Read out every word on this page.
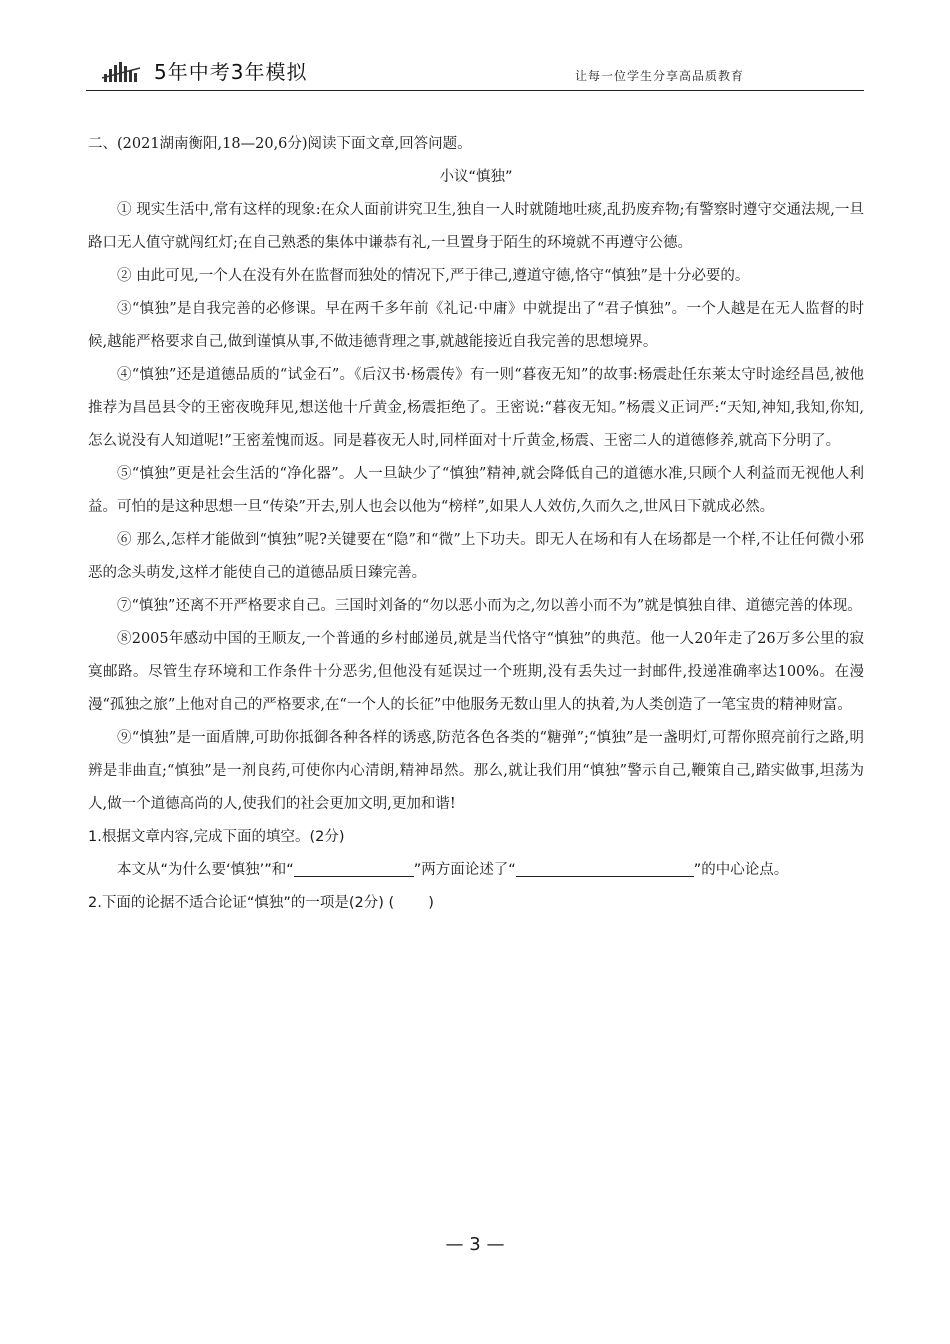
5年中考3年模拟	让每一位学生分享高品质教育
二、(2021湖南衡阳,18—20,6分)阅读下面文章,回答问题。

小议“慎独”

① 现实生活中,常有这样的现象:在众人面前讲究卫生,独自一人时就随地吐痰,乱扔废弃物;有警察时遵守交通法规,一旦路口无人值守就闯红灯;在自己熟悉的集体中谦恭有礼,一旦置身于陌生的环境就不再遵守公德。

② 由此可见,一个人在没有外在监督而独处的情况下,严于律己,遵道守德,恪守“慎独”是十分必要的。

③“慎独”是自我完善的必修课。早在两千多年前《礼记·中庸》中就提出了“君子慎独”。一个人越是在无人监督的时候,越能严格要求自己,做到谨慎从事,不做违德背理之事,就越能接近自我完善的思想境界。

④“慎独”还是道德品质的“试金石”。《后汉书·杨震传》有一则“暮夜无知”的故事:杨震赴任东莱太守时途经昌邑,被他推荐为昌邑县令的王密夜晚拜见,想送他十斤黄金,杨震拒绝了。王密说:“暮夜无知。”杨震义正词严:“天知,神知,我知,你知,怎么说没有人知道呢!”王密羞愧而返。同是暮夜无人时,同样面对十斤黄金,杨震、王密二人的道德修养,就高下分明了。

⑤“慎独”更是社会生活的“净化器”。人一旦缺少了“慎独”精神,就会降低自己的道德水准,只顾个人利益而无视他人利益。可怕的是这种思想一旦“传染”开去,别人也会以他为“榜样”,如果人人效仿,久而久之,世风日下就成必然。

⑥ 那么,怎样才能做到“慎独”呢?关键要在“隐”和“微”上下功夫。即无人在场和有人在场都是一个样,不让任何微小邪恶的念头萌发,这样才能使自己的道德品质日臻完善。

⑦“慎独”还离不开严格要求自己。三国时刘备的“勿以恶小而为之,勿以善小而不为”就是慎独自律、道德完善的体现。

⑧2005年感动中国的王顺友,一个普通的乡村邮递员,就是当代恪守“慎独”的典范。他一人20年走了26万多公里的寂寞邮路。尽管生存环境和工作条件十分恶劣,但他没有延误过一个班期,没有丢失过一封邮件,投递准确率达100%。在漫漫“孤独之旅”上他对自己的严格要求,在“一个人的长征”中他服务无数山里人的执着,为人类创造了一笔宝贵的精神财富。

⑨“慎独”是一面盾牌,可助你抵御各种各样的诱惑,防范各色各类的“糖弹”;“慎独”是一盏明灯,可帮你照亮前行之路,明辨是非曲直;“慎独”是一剂良药,可使你内心清朗,精神昂然。那么,就让我们用“慎独”警示自己,鞭策自己,踏实做事,坦荡为人,做一个道德高尚的人,使我们的社会更加文明,更加和谐!

1.根据文章内容,完成下面的填空。(2分)

本文从“为什么要‘慎独’”和“	”两方面论述了“	”的中心论点。

2.下面的论据不适合论证“慎独”的一项是(2分) ( )

— 3 —
